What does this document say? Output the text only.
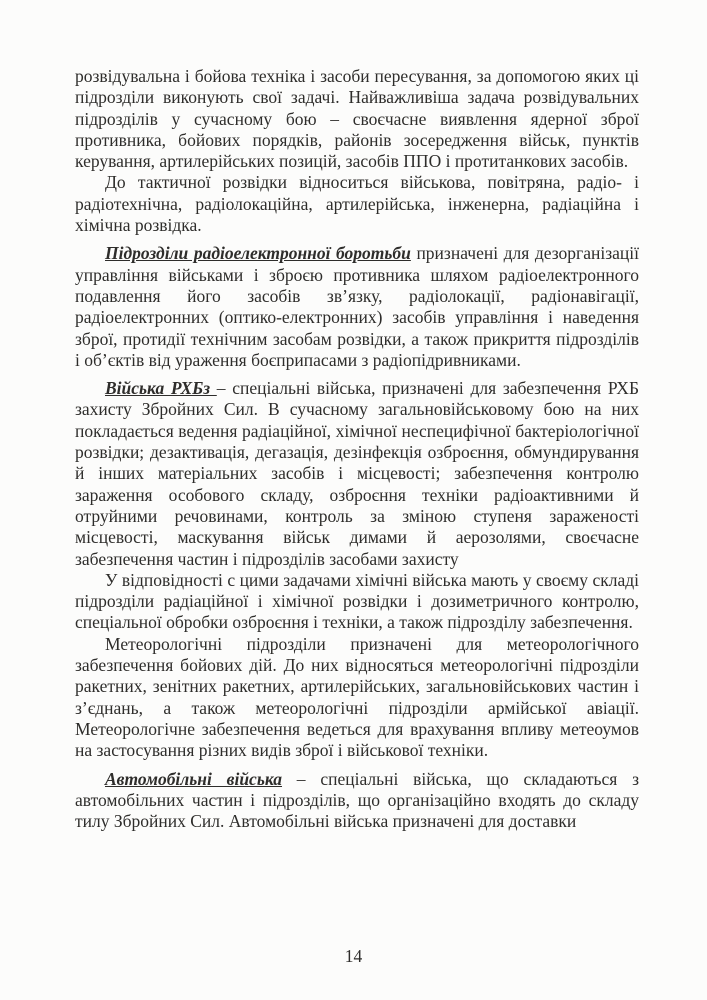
розвідувальна і бойова техніка і засоби пересування, за допомогою яких ці підрозділи виконують свої задачі. Найважливіша задача розвідувальних підрозділів у сучасному бою – своєчасне виявлення ядерної зброї противника, бойових порядків, районів зосередження військ, пунктів керування, артилерійських позицій, засобів ППО і протитанкових засобів.

До тактичної розвідки відноситься військова, повітряна, радіо- і радіотехнічна, радіолокаційна, артилерійська, інженерна, радіаційна і хімічна розвідка.

Підрозділи радіоелектронної боротьби призначені для дезорганізації управління військами і зброєю противника шляхом радіоелектронного подавлення його засобів зв’язку, радіолокації, радіонавігації, радіоелектронних (оптико-електронних) засобів управління і наведення зброї, протидії технічним засобам розвідки, а також прикриття підрозділів і об’єктів від ураження боєприпасами з радіопідривниками.

Війська РХБз – спеціальні війська, призначені для забезпечення РХБ захисту Збройних Сил. В сучасному загальновійськовому бою на них покладається ведення радіаційної, хімічної неспецифічної бактеріологічної розвідки; дезактивація, дегазація, дезінфекція озброєння, обмундирування й інших матеріальних засобів і місцевості; забезпечення контролю зараження особового складу, озброєння техніки радіоактивними й отруйними речовинами, контроль за зміною ступеня зараженості місцевості, маскування військ димами й аерозолями, своєчасне забезпечення частин і підрозділів засобами захисту

У відповідності с цими задачами хімічні війська мають у своєму складі підрозділи радіаційної і хімічної розвідки і дозиметричного контролю, спеціальної обробки озброєння і техніки, а також підрозділу забезпечення.

Метеорологічні підрозділи призначені для метеорологічного забезпечення бойових дій. До них відносяться метеорологічні підрозділи ракетних, зенітних ракетних, артилерійських, загальновійськових частин і з’єднань, а також метеорологічні підрозділи армійської авіації. Метеорологічне забезпечення ведеться для врахування впливу метеоумов на застосування різних видів зброї і військової техніки.

Автомобільні війська – спеціальні війська, що складаються з автомобільних частин і підрозділів, що організаційно входять до складу тилу Збройних Сил. Автомобільні війська призначені для доставки

14
